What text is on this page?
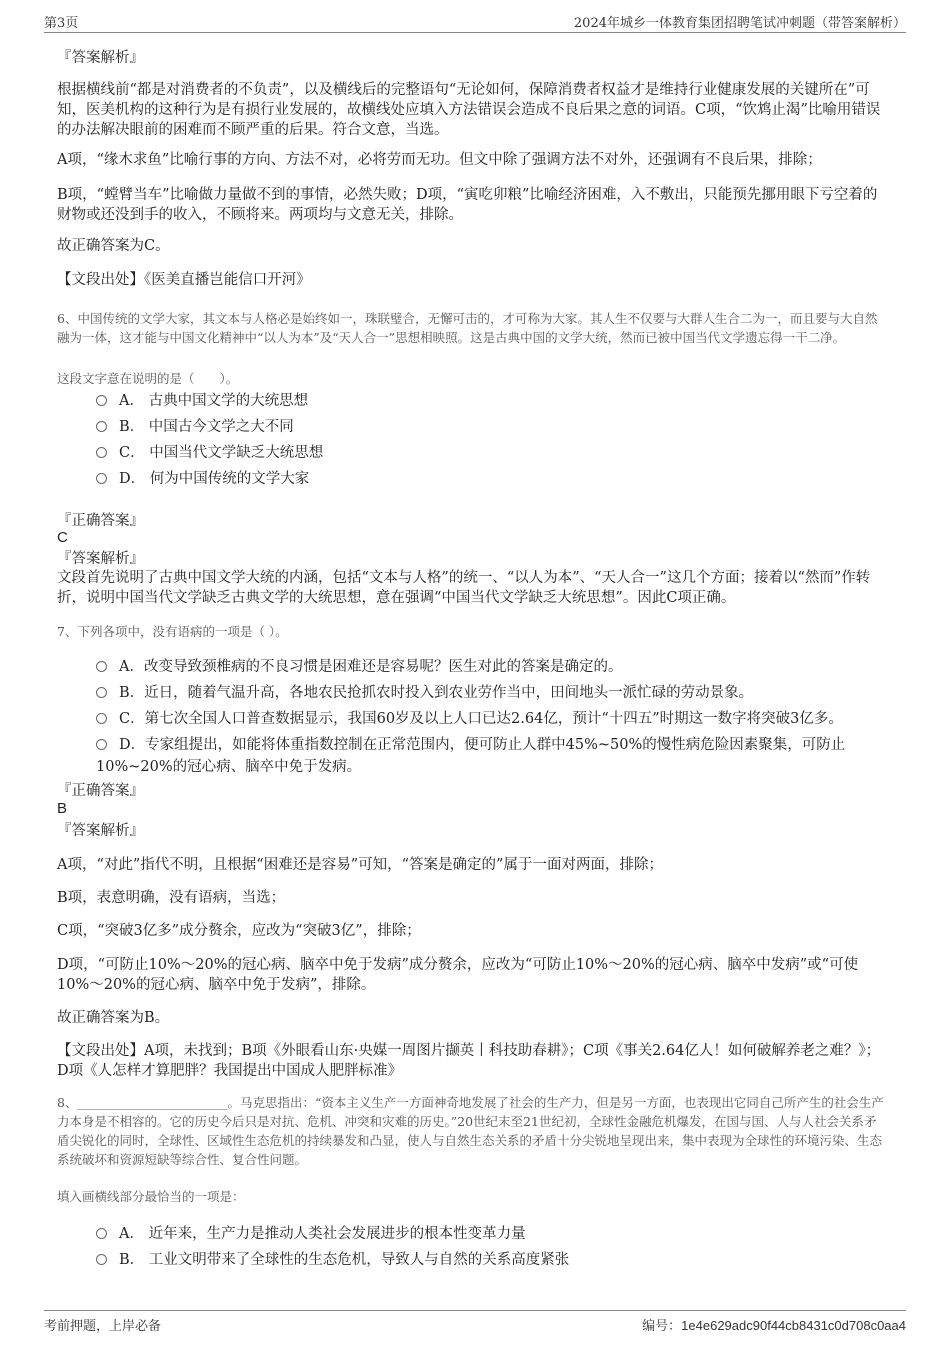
第3页	2024年城乡一体教育集团招聘笔试冲刺题（带答案解析）
『答案解析』
根据横线前“都是对消费者的不负责”，以及横线后的完整语句“无论如何，保障消费者权益才是维持行业健康发展的关键所在”可知，医美机构的这种行为是有损行业发展的，故横线处应填入方法错误会造成不良后果之意的词语。C项，“饮鸩止渴”比喻用错误的办法解决眼前的困难而不顾严重的后果。符合文意，当选。
A项，“缘木求鱼”比喻行事的方向、方法不对，必将劳而无功。但文中除了强调方法不对外，还强调有不良后果，排除；
B项，“螳臂当车”比喻做力量做不到的事情，必然失败；D项，“寅吃卯粮”比喻经济困难，入不敷出，只能预先挪用眼下亏空着的财物或还没到手的收入，不顾将来。两项均与文意无关，排除。
故正确答案为C。
【文段出处】《医美直播岂能信口开河》
6、中国传统的文学大家，其文本与人格必是始终如一，珠联璧合，无懈可击的，才可称为大家。其人生不仅要与大群人生合二为一，而且要与大自然融为一体，这才能与中国文化精神中“以人为本”及“天人合一”思想相映照。这是古典中国的文学大统，然而已被中国当代文学遗忘得一干二净。
这段文字意在说明的是（　　）。
A． 古典中国文学的大统思想
B． 中国古今文学之大不同
C． 中国当代文学缺乏大统思想
D． 何为中国传统的文学大家
『正确答案』
C
『答案解析』
文段首先说明了古典中国文学大统的内涵，包括“文本与人格”的统一、“以人为本”、“天人合一”这几个方面；接着以“然而”作转折，说明中国当代文学缺乏古典文学的大统思想，意在强调“中国当代文学缺乏大统思想”。因此C项正确。
7、下列各项中，没有语病的一项是（ ）。
A．改变导致颈椎病的不良习惯是困难还是容易呢？医生对此的答案是确定的。
B．近日，随着气温升高，各地农民抢抓农时投入到农业劳作当中，田间地头一派忙碌的劳动景象。
C．第七次全国人口普查数据显示，我国60岁及以上人口已达2.64亿，预计“十四五”时期这一数字将突破3亿多。
D．专家组提出，如能将体重指数控制在正常范围内，便可防止人群中45%~50%的慢性病危险因素聚集，可防止10%~20%的冠心病、脑卒中免于发病。
『正确答案』
B
『答案解析』
A项，“对此”指代不明，且根据“困难还是容易”可知，“答案是确定的”属于一面对两面，排除；
B项，表意明确，没有语病，当选；
C项，“突破3亿多”成分赘余，应改为“突破3亿”，排除；
D项，“可防止10%～20%的冠心病、脑卒中免于发病”成分赘余，应改为“可防止10%～20%的冠心病、脑卒中发病”或“可使10%～20%的冠心病、脑卒中免于发病”，排除。
故正确答案为B。
【文段出处】A项，未找到；B项《外眼看山东·央媒一周图片撷英丨科技助春耕》；C项《事关2.64亿人！如何破解养老之难？》；D项《人怎样才算肥胖？我国提出中国成人肥胖标准》
8、________________________。马克思指出：“资本主义生产一方面神奇地发展了社会的生产力，但是另一方面，也表现出它同自己所产生的社会生产力本身是不相容的。它的历史今后只是对抗、危机、冲突和灾难的历史。”20世纪末至21世纪初，全球性金融危机爆发，在国与国、人与人社会关系矛盾尖锐化的同时，全球性、区域性生态危机的持续暴发和凸显，使人与自然生态关系的矛盾十分尖锐地呈现出来，集中表现为全球性的环境污染、生态系统破坏和资源短缺等综合性、复合性问题。
填入画横线部分最恰当的一项是：
A． 近年来，生产力是推动人类社会发展进步的根本性变革力量
B． 工业文明带来了全球性的生态危机，导致人与自然的关系高度紧张
考前押题，上岸必备	编号：1e4e629adc90f44cb8431c0d708c0aa4
